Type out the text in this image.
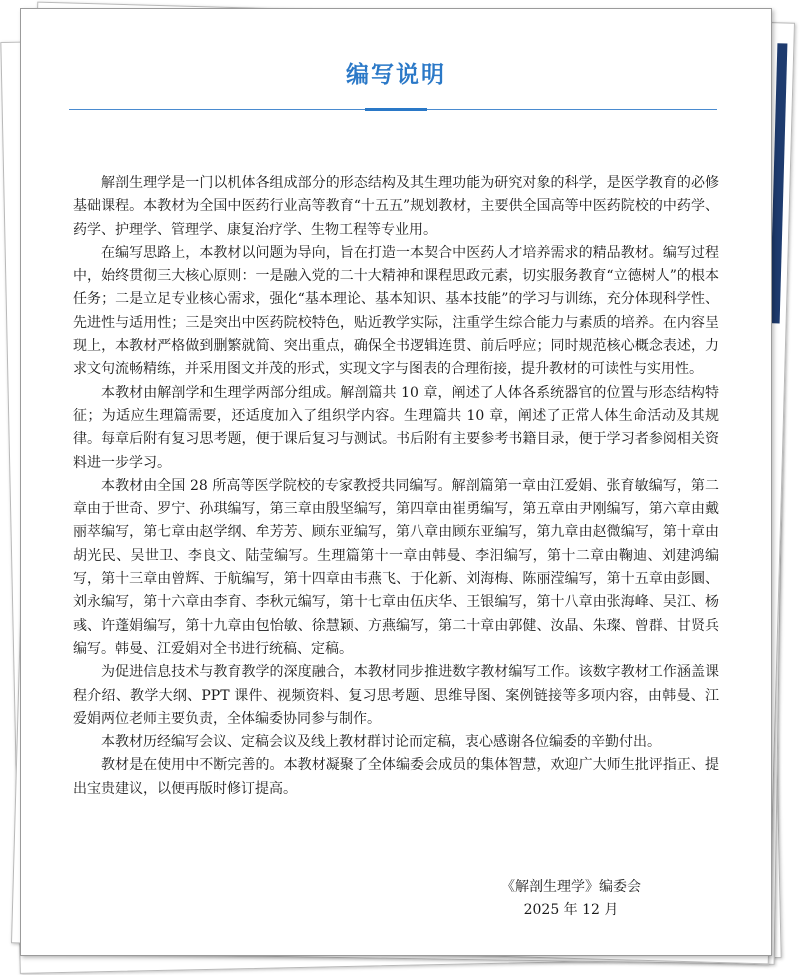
编写说明

解剖生理学是一门以机体各组成部分的形态结构及其生理功能为研究对象的科学，是医学教育的必修基础课程。本教材为全国中医药行业高等教育“十五五”规划教材，主要供全国高等中医药院校的中药学、药学、护理学、管理学、康复治疗学、生物工程等专业用。

在编写思路上，本教材以问题为导向，旨在打造一本契合中医药人才培养需求的精品教材。编写过程中，始终贯彻三大核心原则：一是融入党的二十大精神和课程思政元素，切实服务教育“立德树人”的根本任务；二是立足专业核心需求，强化“基本理论、基本知识、基本技能”的学习与训练，充分体现科学性、先进性与适用性；三是突出中医药院校特色，贴近教学实际，注重学生综合能力与素质的培养。在内容呈现上，本教材严格做到删繁就简、突出重点，确保全书逻辑连贯、前后呼应；同时规范核心概念表述，力求文句流畅精练，并采用图文并茂的形式，实现文字与图表的合理衔接，提升教材的可读性与实用性。

本教材由解剖学和生理学两部分组成。解剖篇共 10 章，阐述了人体各系统器官的位置与形态结构特征；为适应生理篇需要，还适度加入了组织学内容。生理篇共 10 章，阐述了正常人体生命活动及其规律。每章后附有复习思考题，便于课后复习与测试。书后附有主要参考书籍目录，便于学习者参阅相关资料进一步学习。

本教材由全国 28 所高等医学院校的专家教授共同编写。解剖篇第一章由江爱娟、张育敏编写，第二章由于世奇、罗宁、孙琪编写，第三章由殷坚编写，第四章由崔勇编写，第五章由尹刚编写，第六章由戴丽萃编写，第七章由赵学纲、牟芳芳、顾东亚编写，第八章由顾东亚编写，第九章由赵微编写，第十章由胡光民、吴世卫、李良文、陆莹编写。生理篇第十一章由韩曼、李汨编写，第十二章由鞠迪、刘建鸿编写，第十三章由曾辉、于航编写，第十四章由韦燕飞、于化新、刘海梅、陈丽滢编写，第十五章由彭圜、刘永编写，第十六章由李育、李秋元编写，第十七章由伍庆华、王银编写，第十八章由张海峰、吴江、杨彧、许蓬娟编写，第十九章由包怡敏、徐慧颖、方燕编写，第二十章由郭健、汝晶、朱璨、曾群、甘贤兵编写。韩曼、江爱娟对全书进行统稿、定稿。

为促进信息技术与教育教学的深度融合，本教材同步推进数字教材编写工作。该数字教材工作涵盖课程介绍、教学大纲、PPT 课件、视频资料、复习思考题、思维导图、案例链接等多项内容，由韩曼、江爱娟两位老师主要负责，全体编委协同参与制作。

本教材历经编写会议、定稿会议及线上教材群讨论而定稿，衷心感谢各位编委的辛勤付出。

教材是在使用中不断完善的。本教材凝聚了全体编委会成员的集体智慧，欢迎广大师生批评指正、提出宝贵建议，以便再版时修订提高。

《解剖生理学》编委会
2025 年 12 月
